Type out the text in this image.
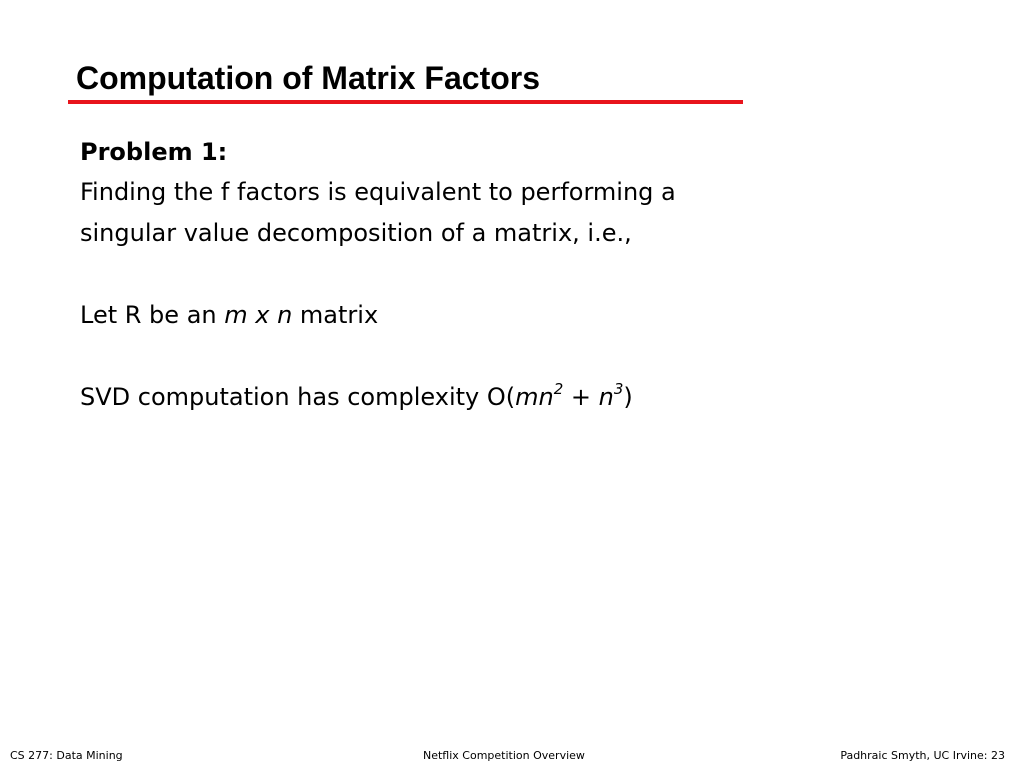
Computation of Matrix Factors
Problem 1:
Finding the f factors is equivalent to performing a
singular value decomposition of a matrix, i.e.,
Let R be an m x n matrix
SVD computation has complexity $O(mn^2 + n^3)$
CS 277: Data Mining	Netflix Competition Overview	Padhraic Smyth, UC Irvine: 23
